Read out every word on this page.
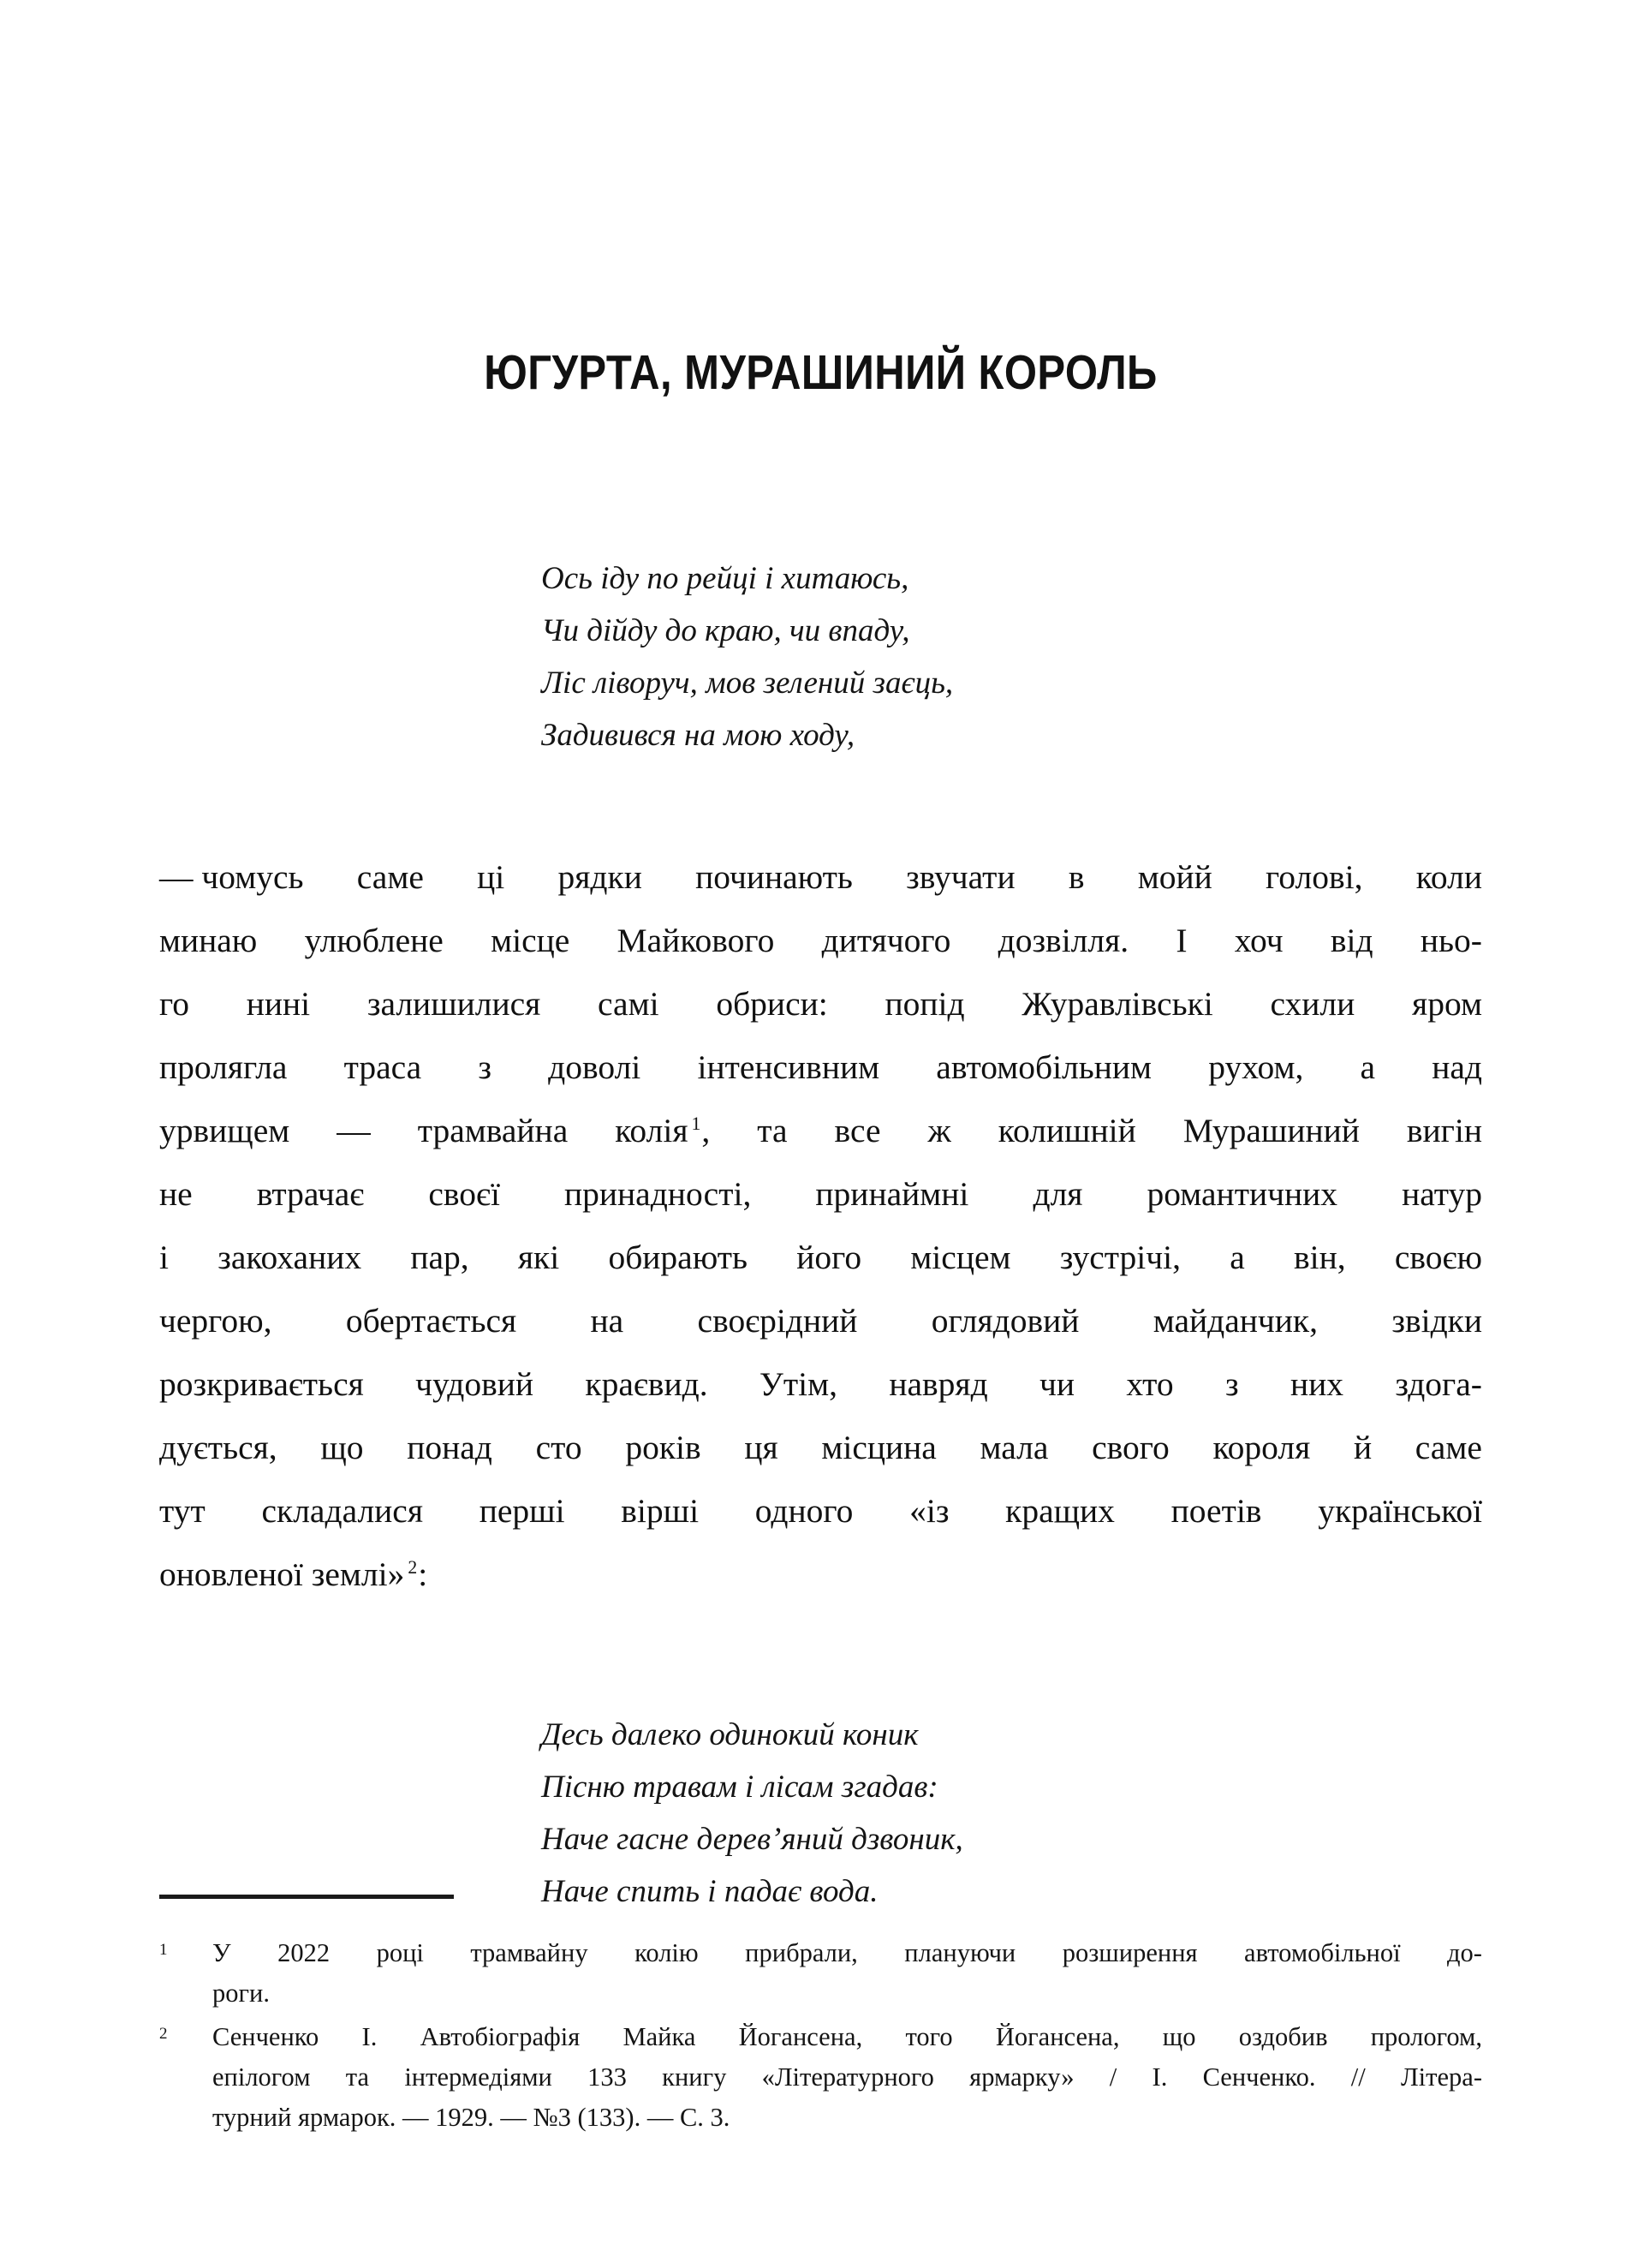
ЮГУРТА, МУРАШИНИЙ КОРОЛЬ
Ось іду по рейці і хитаюсь,
Чи дійду до краю, чи впаду,
Ліс ліворуч, мов зелений заєць,
Задивився на мою ходу,
— чомусь саме ці рядки починають звучати в мойй голові, коли
минаю улюблене місце Майкового дитячого дозвілля. І хоч від ньо-
го нині залишилися самі обриси: попід Журавлівські схили яром
пролягла траса з доволі інтенсивним автомобільним рухом, а над
урвищем — трамвайна колія $^1$, та все ж колишній Мурашиний вигін
не втрачає своєї принадності, принаймні для романтичних натур
і закоханих пар, які обирають його місцем зустрічі, а він, своєю
чергою, обертається на своєрідний оглядовий майданчик, звідки
розкривається чудовий краєвид. Утім, навряд чи хто з них здога-
дується, що понад сто років ця місцина мала свого короля й саме
тут складалися перші вірші одного «із кращих поетів української
оновленої землі» $^2$:
Десь далеко одинокий коник
Пісню травам і лісам згадав:
Наче гасне дерев’яний дзвоник,
Наче спить і падає вода.
1	У 2022 році трамвайну колію прибрали, плануючи розширення автомобільної до-
роги.
2	Сенченко І. Автобіографія Майка Йогансена, того Йогансена, що оздобив прологом,
епілогом та інтермедіями 133 книгу «Літературного ярмарку» / І. Сенченко. // Літера-
турний ярмарок. — 1929. — №3 (133). — С. 3.
